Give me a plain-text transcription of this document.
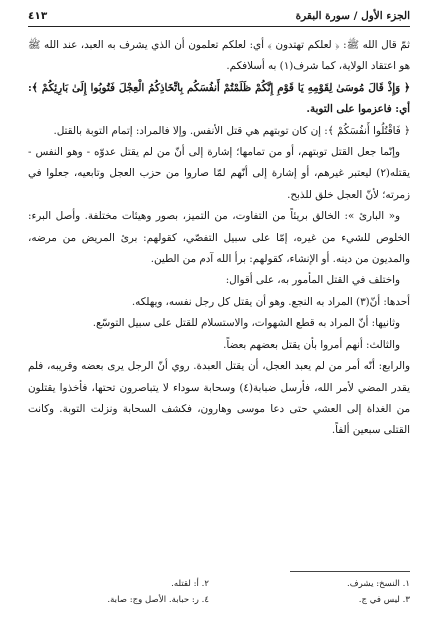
الجزء الأول / سورة البقرة
٤١٣

ثمّ قال الله ﷺ: ﴿ لعلكم تهتدون ﴾ أي: لعلكم تعلمون أن الذي يشرف به العبد، عند الله ﷺ هو اعتقاد الولاية، كما شرف(١) به أسلافكم.

﴿ وَإِذْ قَالَ مُوسَىٰ لِقَوْمِهِ يَا قَوْمِ إِنَّكُمْ ظَلَمْتُمْ أَنفُسَكُم بِاتِّخَاذِكُمُ الْعِجْلَ فَتُوبُوا إِلَىٰ بَارِئِكُمْ ﴾: أي: فاعزموا على التوبة.

﴿ فَاقْتُلُوا أَنفُسَكُمْ ﴾: إن كان توبتهم هي قتل الأنفس. وإلا فالمراد: إتمام التوبة بالقتل.

وإنّما جعل القتل توبتهم، أو من تمامها؛ إشارة إلى أنّ من لم يقتل عدوّه - وهو النفس - يقتله(٢) ليعتبر غيرهم، أو إشارة إلى أنّهم لمّا صاروا من حزب العجل وتابعيه، جعلوا في زمرته؛ لأنّ العجل خلق للذبح.

و« البارئ »: الخالق بريئاً من التفاوت، من التميز، بصور وهيئات مختلفة. وأصل البرء: الخلوص للشيء من غيره، إمّا على سبيل التفصّي، كقولهم: برئ المريض من مرضه، والمديون من دينه. أو الإنشاء، كقولهم: برأ الله آدم من الطين.

واختلف في القتل المأمور به، على أقوال:

أحدها: أنّ(٣) المراد به النجع. وهو أن يقتل كل رجل نفسه، ويهلكه.

وثانيها: أنّ المراد به قطع الشهوات، والاستسلام للقتل على سبيل التوسّع.

والثالث: أنهم أمروا بأن يقتل بعضهم بعضاً.

والرابع: أنّه أمر من لم يعبد العجل، أن يقتل العبدة. روي أنّ الرجل يرى بعضه وقريبه، فلم يقدر المضي لأمر الله، فأرسل ضبابة(٤) وسحابة سوداء لا يتباصرون تحتها، فأخذوا يقتلون من الغداة إلى العشي حتى دعا موسى وهارون، فكشف السحابة ونزلت التوبة. وكانت القتلى سبعين ألفاً.

١. النسخ: يشرف.
٢. أ: لقتله.
٣. ليس في ج.
٤. ر: حبابة. الأصل وج: صابة.
